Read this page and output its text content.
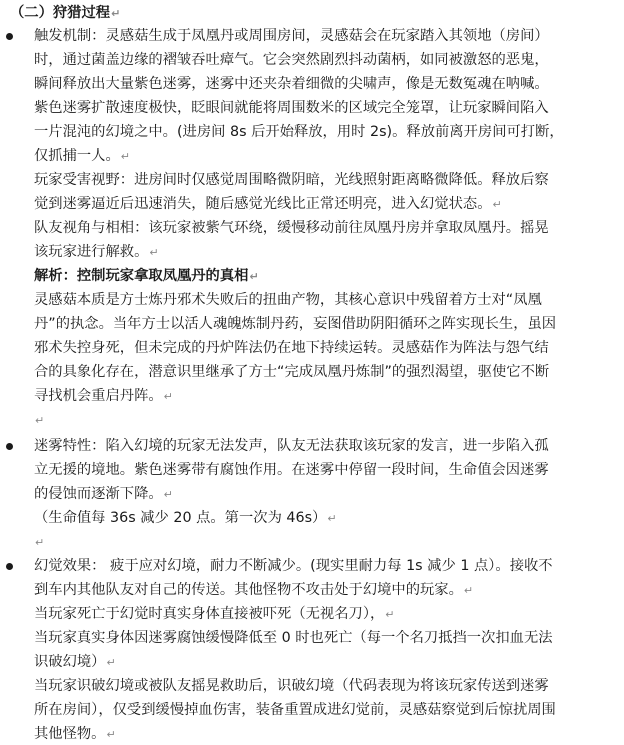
（二）狩猎过程↵
触发机制：灵感菇生成于凤凰丹或周围房间，灵感菇会在玩家踏入其领地（房间）
时，通过菌盖边缘的褶皱吞吐瘴气。它会突然剧烈抖动菌柄，如同被激怒的恶鬼，
瞬间释放出大量紫色迷雾，迷雾中还夹杂着细微的尖啸声，像是无数冤魂在呐喊。
紫色迷雾扩散速度极快，眨眼间就能将周围数米的区域完全笼罩，让玩家瞬间陷入
一片混沌的幻境之中。(进房间 8s 后开始释放，用时 2s)。释放前离开房间可打断，
仅抓捕一人。↵
玩家受害视野：进房间时仅感觉周围略微阴暗，光线照射距离略微降低。释放后察
觉到迷雾逼近后迅速消失，随后感觉光线比正常还明亮，进入幻觉状态。↵
队友视角与相相：该玩家被紫气环绕，缓慢移动前往凤凰丹房并拿取凤凰丹。摇晃
该玩家进行解救。↵
解析：控制玩家拿取凤凰丹的真相↵
灵感菇本质是方士炼丹邪术失败后的扭曲产物，其核心意识中残留着方士对“凤凰
丹”的执念。当年方士以活人魂魄炼制丹药，妄图借助阴阳循环之阵实现长生，虽因
邪术失控身死，但未完成的丹炉阵法仍在地下持续运转。灵感菇作为阵法与怨气结
合的具象化存在，潜意识里继承了方士“完成凤凰丹炼制”的强烈渴望，驱使它不断
寻找机会重启丹阵。↵
↵
迷雾特性：陷入幻境的玩家无法发声，队友无法获取该玩家的发言，进一步陷入孤
立无援的境地。紫色迷雾带有腐蚀作用。在迷雾中停留一段时间，生命值会因迷雾
的侵蚀而逐渐下降。↵
（生命值每 36s 减少 20 点。第一次为 46s）↵
↵
幻觉效果： 疲于应对幻境，耐力不断减少。(现实里耐力每 1s 减少 1 点）。接收不
到车内其他队友对自己的传送。其他怪物不攻击处于幻境中的玩家。↵
当玩家死亡于幻觉时真实身体直接被吓死（无视名刀），↵
当玩家真实身体因迷雾腐蚀缓慢降低至 0 时也死亡（每一个名刀抵挡一次扣血无法
识破幻境）↵
当玩家识破幻境或被队友摇晃救助后，识破幻境（代码表现为将该玩家传送到迷雾
所在房间），仅受到缓慢掉血伤害，装备重置成进幻觉前，灵感菇察觉到后惊扰周围
其他怪物。↵
